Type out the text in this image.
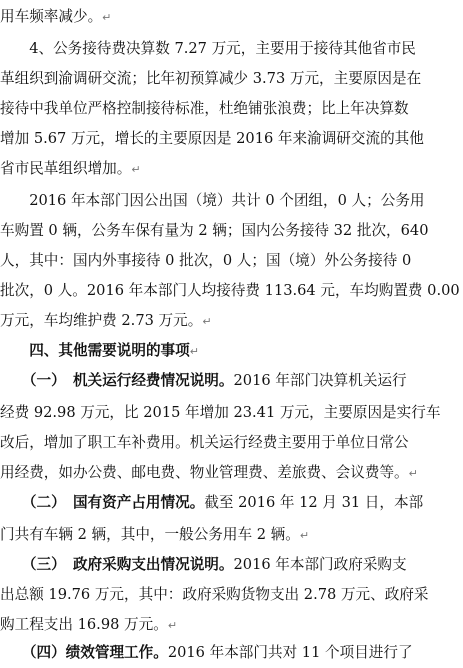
用车频率减少。↵
　　4、公务接待费决算数 7.27 万元，主要用于接待其他省市民
革组织到渝调研交流；比年初预算减少 3.73 万元，主要原因是在
接待中我单位严格控制接待标准，杜绝铺张浪费；比上年决算数
增加 5.67 万元，增长的主要原因是 2016 年来渝调研交流的其他
省市民革组织增加。↵
　　2016 年本部门因公出国（境）共计 0 个团组，0 人；公务用
车购置 0 辆，公务车保有量为 2 辆；国内公务接待 32 批次，640
人，其中：国内外事接待 0 批次，0 人；国（境）外公务接待 0
批次，0 人。2016 年本部门人均接待费 113.64 元，车均购置费 0.00
万元，车均维护费 2.73 万元。↵
　　四、其他需要说明的事项↵
　　（一）　机关运行经费情况说明。2016 年部门决算机关运行
经费 92.98 万元，比 2015 年增加 23.41 万元，主要原因是实行车
改后，增加了职工车补费用。机关运行经费主要用于单位日常公
用经费，如办公费、邮电费、物业管理费、差旅费、会议费等。↵
　　（二）　国有资产占用情况。截至 2016 年 12 月 31 日，本部
门共有车辆 2 辆，其中，一般公务用车 2 辆。↵
　　（三）　政府采购支出情况说明。2016 年本部门政府采购支
出总额 19.76 万元，其中：政府采购货物支出 2.78 万元、政府采
购工程支出 16.98 万元。↵
　　（四）绩效管理工作。2016 年本部门共对 11 个项目进行了
